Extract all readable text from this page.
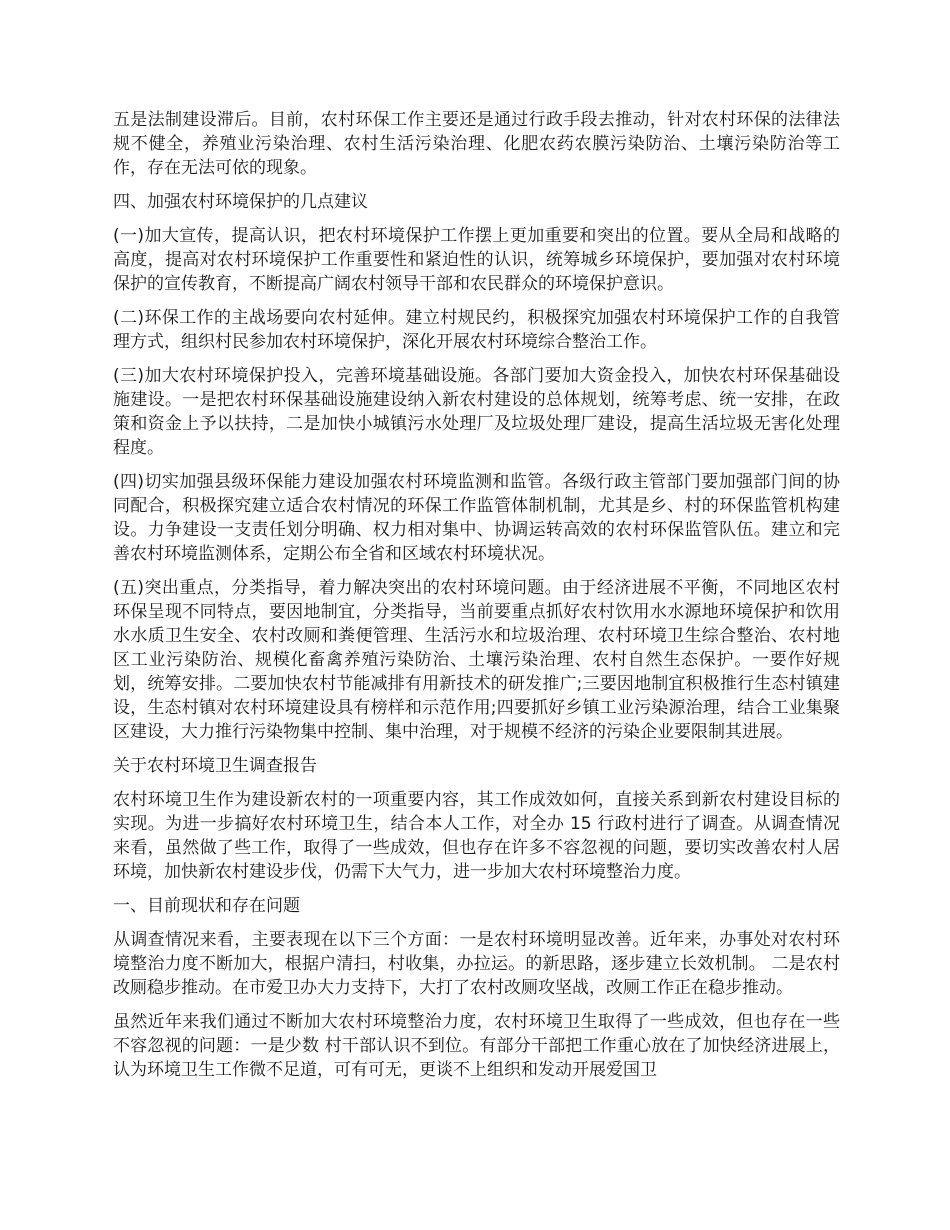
五是法制建设滞后。目前，农村环保工作主要还是通过行政手段去推动，针对农村环保的法律法规不健全，养殖业污染治理、农村生活污染治理、化肥农药农膜污染防治、土壤污染防治等工作，存在无法可依的现象。

四、加强农村环境保护的几点建议

(一)加大宣传，提高认识，把农村环境保护工作摆上更加重要和突出的位置。要从全局和战略的高度，提高对农村环境保护工作重要性和紧迫性的认识，统筹城乡环境保护，要加强对农村环境保护的宣传教育，不断提高广阔农村领导干部和农民群众的环境保护意识。

(二)环保工作的主战场要向农村延伸。建立村规民约，积极探究加强农村环境保护工作的自我管理方式，组织村民参加农村环境保护，深化开展农村环境综合整治工作。

(三)加大农村环境保护投入，完善环境基础设施。各部门要加大资金投入，加快农村环保基础设施建设。一是把农村环保基础设施建设纳入新农村建设的总体规划，统筹考虑、统一安排，在政策和资金上予以扶持，二是加快小城镇污水处理厂及垃圾处理厂建设，提高生活垃圾无害化处理程度。

(四)切实加强县级环保能力建设加强农村环境监测和监管。各级行政主管部门要加强部门间的协同配合，积极探究建立适合农村情况的环保工作监管体制机制，尤其是乡、村的环保监管机构建设。力争建设一支责任划分明确、权力相对集中、协调运转高效的农村环保监管队伍。建立和完善农村环境监测体系，定期公布全省和区域农村环境状况。

(五)突出重点，分类指导，着力解决突出的农村环境问题。由于经济进展不平衡，不同地区农村环保呈现不同特点，要因地制宜，分类指导，当前要重点抓好农村饮用水水源地环境保护和饮用水水质卫生安全、农村改厕和粪便管理、生活污水和垃圾治理、农村环境卫生综合整治、农村地区工业污染防治、规模化畜禽养殖污染防治、土壤污染治理、农村自然生态保护。一要作好规划，统筹安排。二要加快农村节能减排有用新技术的研发推广;三要因地制宜积极推行生态村镇建设，生态村镇对农村环境建设具有榜样和示范作用;四要抓好乡镇工业污染源治理，结合工业集聚区建设，大力推行污染物集中控制、集中治理，对于规模不经济的污染企业要限制其进展。

关于农村环境卫生调查报告

农村环境卫生作为建设新农村的一项重要内容，其工作成效如何，直接关系到新农村建设目标的实现。为进一步搞好农村环境卫生，结合本人工作，对全办 15 行政村进行了调查。从调查情况来看，虽然做了些工作，取得了一些成效，但也存在许多不容忽视的问题，要切实改善农村人居环境，加快新农村建设步伐，仍需下大气力，进一步加大农村环境整治力度。

一、目前现状和存在问题

从调查情况来看，主要表现在以下三个方面：一是农村环境明显改善。近年来，办事处对农村环境整治力度不断加大，根据户清扫，村收集，办拉运。的新思路，逐步建立长效机制。 二是农村改厕稳步推动。在市爱卫办大力支持下，大打了农村改厕攻坚战，改厕工作正在稳步推动。

虽然近年来我们通过不断加大农村环境整治力度，农村环境卫生取得了一些成效，但也存在一些不容忽视的问题：一是少数 村干部认识不到位。有部分干部把工作重心放在了加快经济进展上，认为环境卫生工作微不足道，可有可无，更谈不上组织和发动开展爱国卫
